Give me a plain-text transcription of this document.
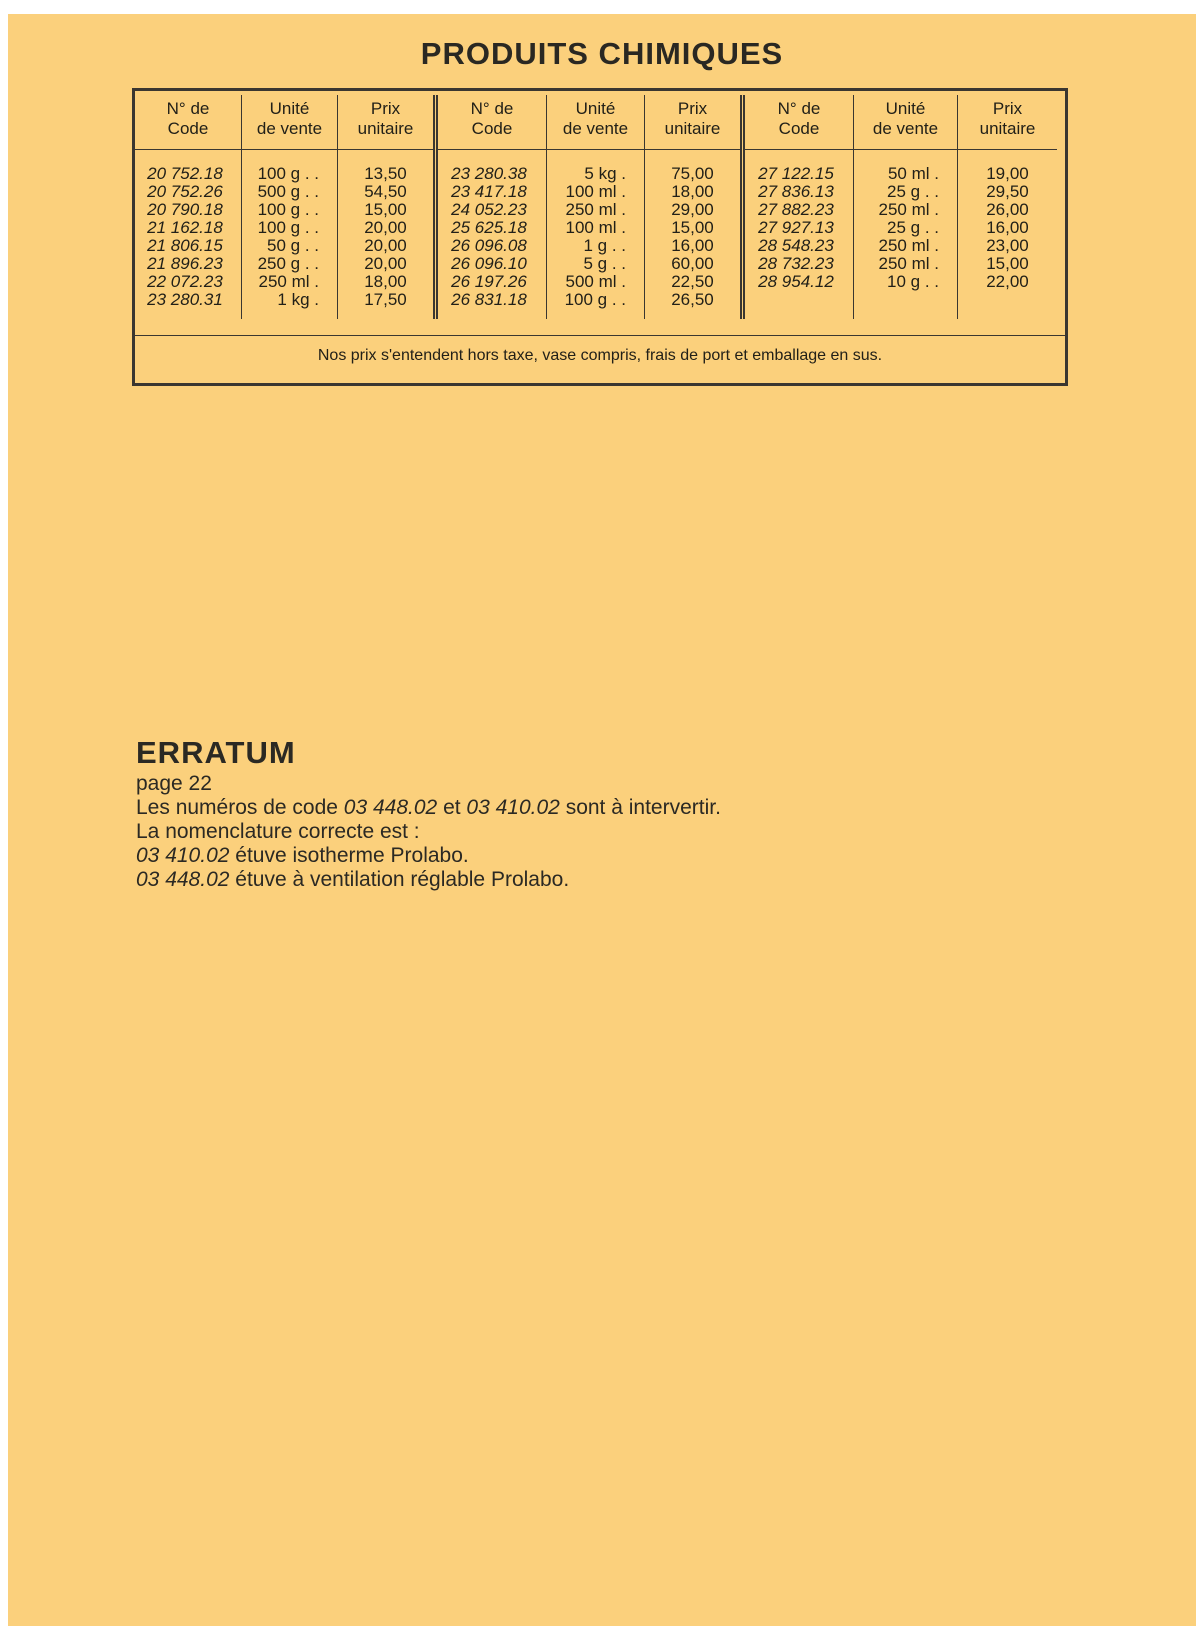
PRODUITS CHIMIQUES
N° de
Code
20 752.18
20 752.26
20 790.18
21 162.18
21 806.15
21 896.23
22 072.23
23 280.31
Unité
de vente
100 g . .
500 g . .
100 g . .
100 g . .
50 g . .
250 g . .
250 ml .
1 kg .
Prix
unitaire
13,50
54,50
15,00
20,00
20,00
20,00
18,00
17,50
N° de
Code
23 280.38
23 417.18
24 052.23
25 625.18
26 096.08
26 096.10
26 197.26
26 831.18
Unité
de vente
5 kg .
100 ml .
250 ml .
100 ml .
1 g . .
5 g . .
500 ml .
100 g . .
Prix
unitaire
75,00
18,00
29,00
15,00
16,00
60,00
22,50
26,50
N° de
Code
27 122.15
27 836.13
27 882.23
27 927.13
28 548.23
28 732.23
28 954.12
Unité
de vente
50 ml .
25 g . .
250 ml .
25 g . .
250 ml .
250 ml .
10 g . .
Prix
unitaire
19,00
29,50
26,00
16,00
23,00
15,00
22,00
Nos prix s'entendent hors taxe, vase compris, frais de port et emballage en sus.
ERRATUM
page 22
Les numéros de code 03 448.02 et 03 410.02 sont à intervertir.
La nomenclature correcte est :
03 410.02 étuve isotherme Prolabo.
03 448.02 étuve à ventilation réglable Prolabo.
